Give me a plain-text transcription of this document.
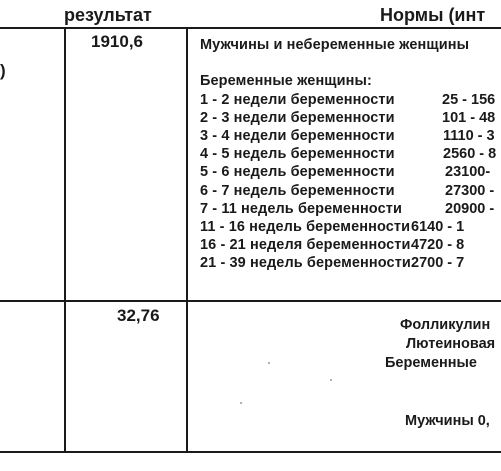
результат	Нормы (инт
)
1910,6	Мужчины и небеременные женщины
Беременные женщины:
1 - 2 недели беременности	25 - 156
2 - 3 недели беременности	101 - 48
3 - 4 недели беременности	1110 - 3
4 - 5 недель беременности	2560 - 8
5 - 6 недель беременности	23100-
6 - 7 недель беременности	27300 -
7 - 11 недель беременности	20900 -
11 - 16 недель беременности 6140 - 1
16 - 21 неделя беременности 4720 - 8
21 - 39 недель беременности 2700 - 7
32,76	Фолликулин
Лютеиновая
Беременные
Мужчины 0,
